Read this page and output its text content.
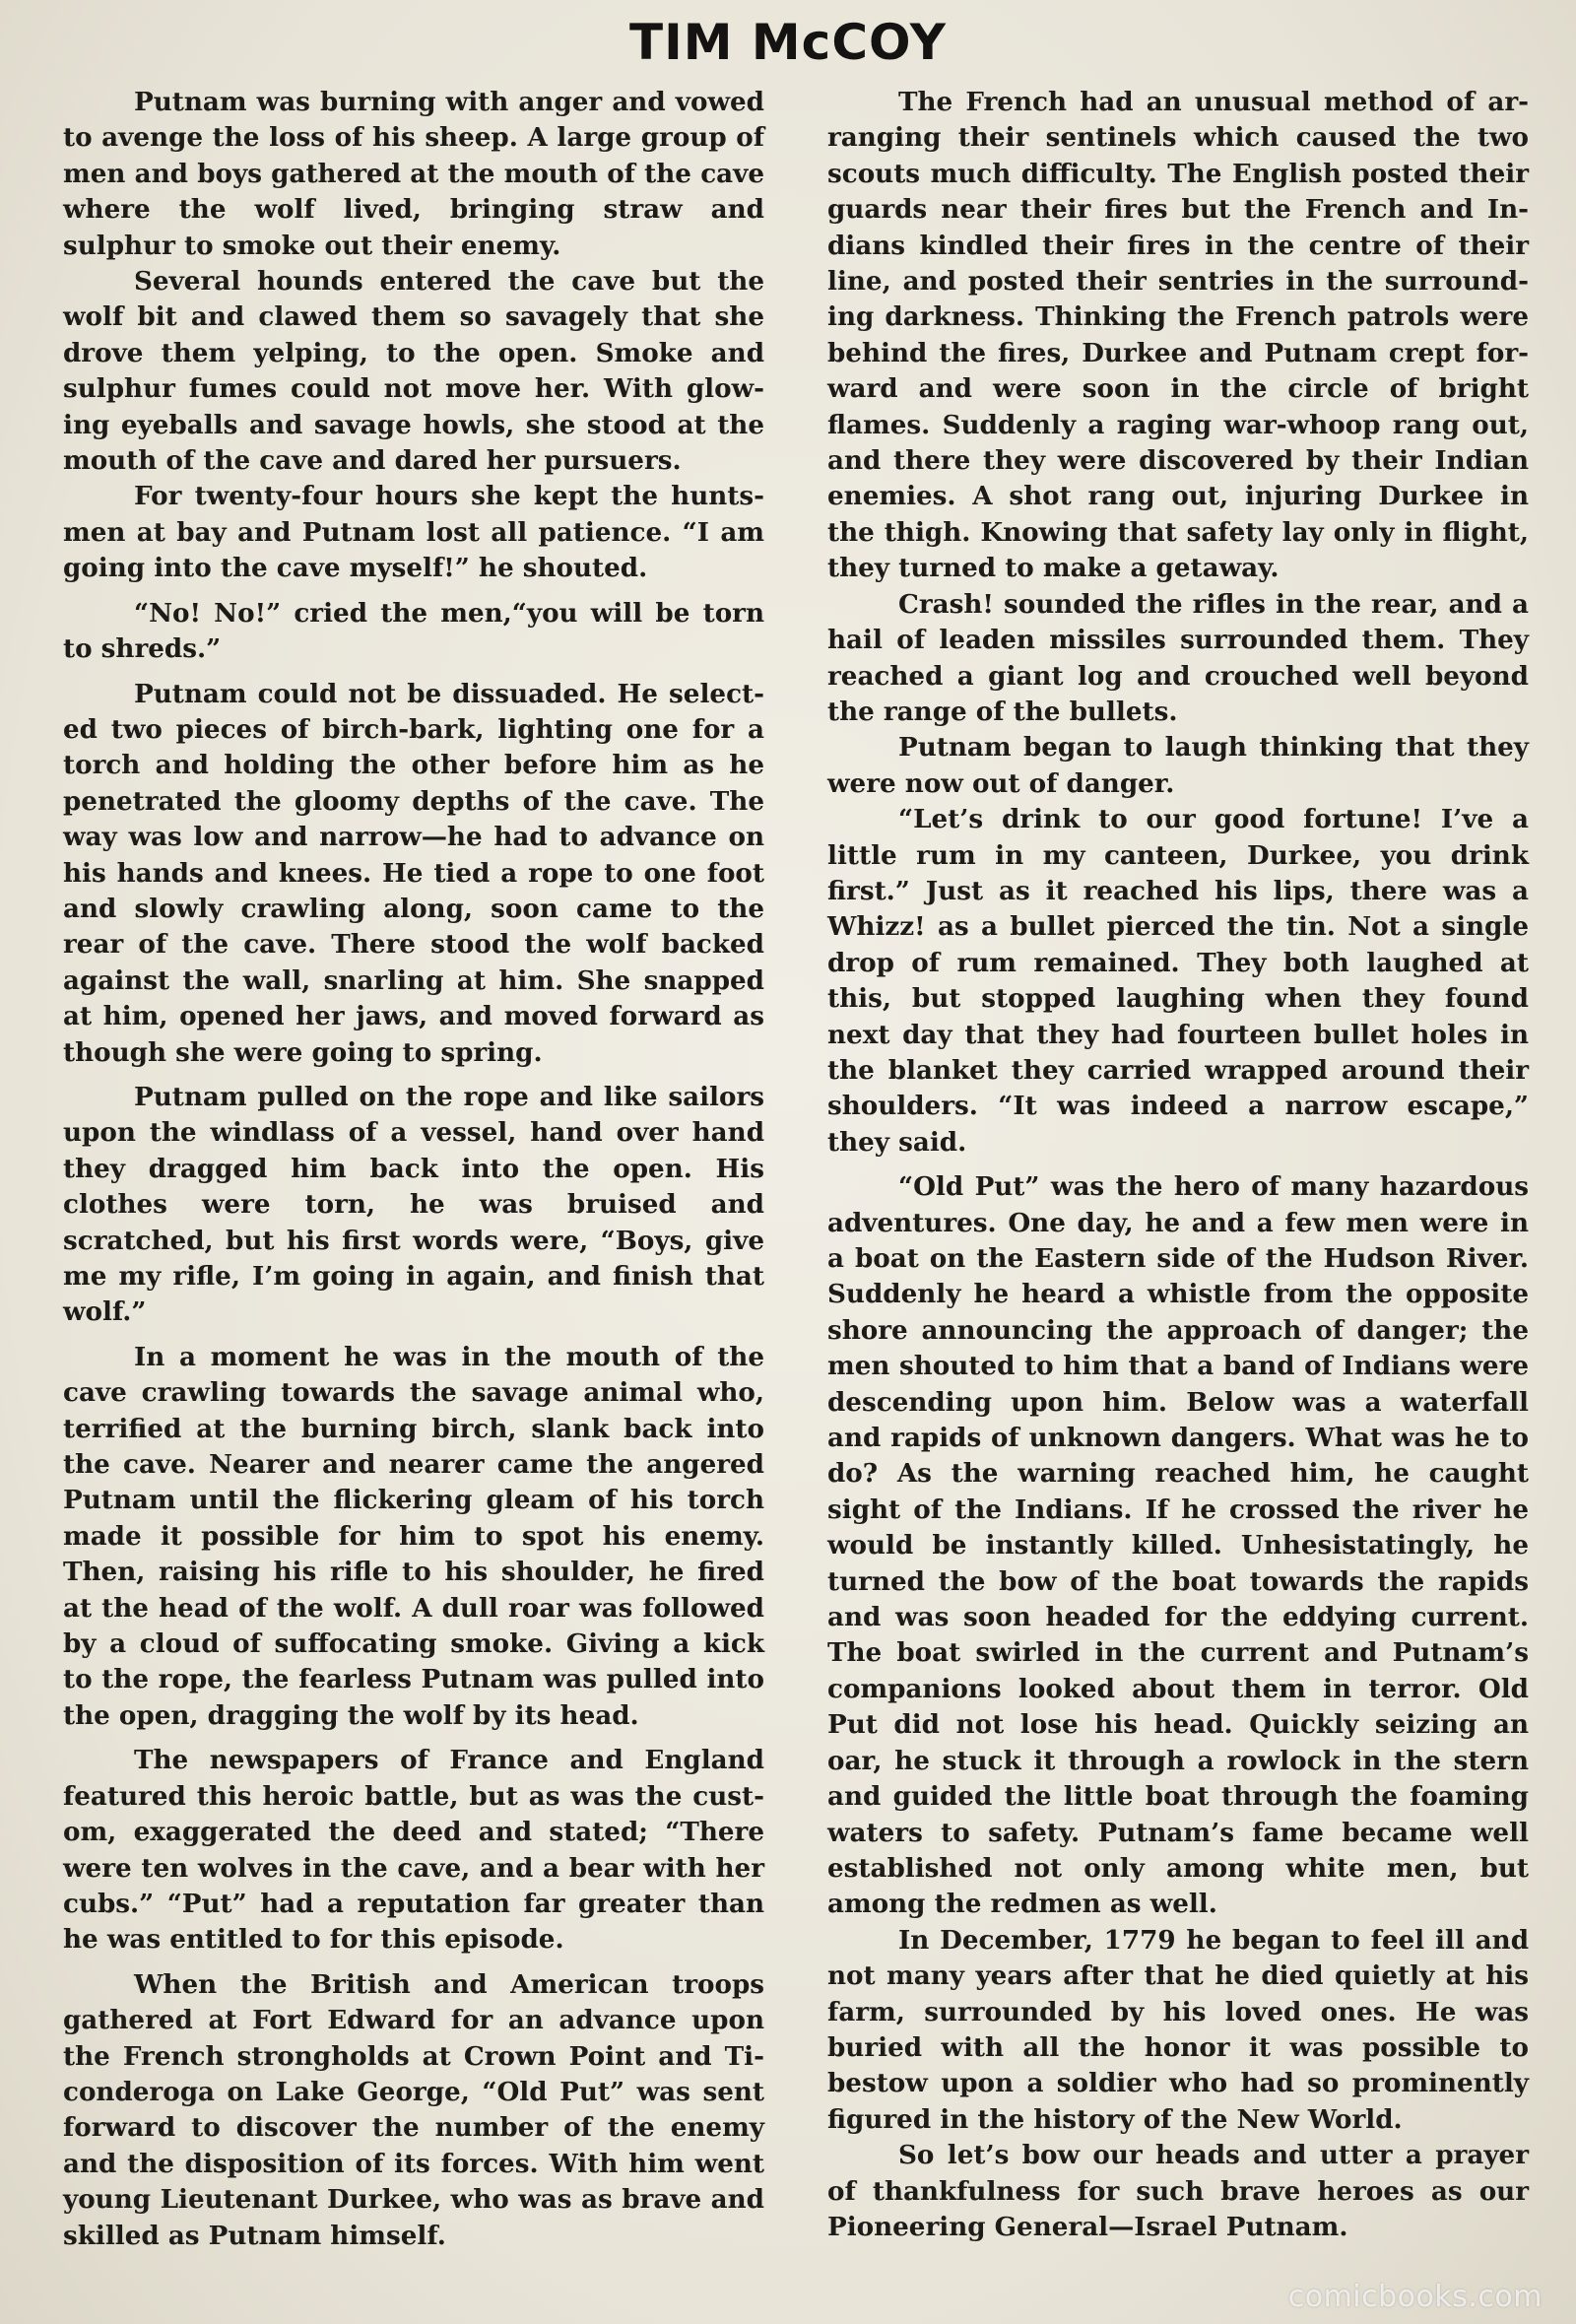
TIM McCOY

Putnam was burning with anger and vowed to avenge the loss of his sheep. A large group of men and boys gathered at the mouth of the cave where the wolf lived, bringing straw and sulphur to smoke out their enemy.

Several hounds entered the cave but the wolf bit and clawed them so savagely that she drove them yelping, to the open. Smoke and sulphur fumes could not move her. With glowing eyeballs and savage howls, she stood at the mouth of the cave and dared her pursuers.

For twenty-four hours she kept the huntsmen at bay and Putnam lost all patience. “I am going into the cave myself!” he shouted.

“No! No!” cried the men,“you will be torn to shreds.”

Putnam could not be dissuaded. He selected two pieces of birch-bark, lighting one for a torch and holding the other before him as he penetrated the gloomy depths of the cave. The way was low and narrow—he had to advance on his hands and knees. He tied a rope to one foot and slowly crawling along, soon came to the rear of the cave. There stood the wolf backed against the wall, snarling at him. She snapped at him, opened her jaws, and moved forward as though she were going to spring.

Putnam pulled on the rope and like sailors upon the windlass of a vessel, hand over hand they dragged him back into the open. His clothes were torn, he was bruised and scratched, but his first words were, “Boys, give me my rifle, I’m going in again, and finish that wolf.”

In a moment he was in the mouth of the cave crawling towards the savage animal who, terrified at the burning birch, slank back into the cave. Nearer and nearer came the angered Putnam until the flickering gleam of his torch made it possible for him to spot his enemy. Then, raising his rifle to his shoulder, he fired at the head of the wolf. A dull roar was followed by a cloud of suffocating smoke. Giving a kick to the rope, the fearless Putnam was pulled into the open, dragging the wolf by its head.

The newspapers of France and England featured this heroic battle, but as was the custom, exaggerated the deed and stated; “There were ten wolves in the cave, and a bear with her cubs.” “Put” had a reputation far greater than he was entitled to for this episode.

When the British and American troops gathered at Fort Edward for an advance upon the French strongholds at Crown Point and Ticonderoga on Lake George, “Old Put” was sent forward to discover the number of the enemy and the disposition of its forces. With him went young Lieutenant Durkee, who was as brave and skilled as Putnam himself.

The French had an unusual method of arranging their sentinels which caused the two scouts much difficulty. The English posted their guards near their fires but the French and Indians kindled their fires in the centre of their line, and posted their sentries in the surrounding darkness. Thinking the French patrols were behind the fires, Durkee and Putnam crept forward and were soon in the circle of bright flames. Suddenly a raging war-whoop rang out, and there they were discovered by their Indian enemies. A shot rang out, injuring Durkee in the thigh. Knowing that safety lay only in flight, they turned to make a getaway.

Crash! sounded the rifles in the rear, and a hail of leaden missiles surrounded them. They reached a giant log and crouched well beyond the range of the bullets.

Putnam began to laugh thinking that they were now out of danger.

“Let’s drink to our good fortune! I’ve a little rum in my canteen, Durkee, you drink first.” Just as it reached his lips, there was a Whizz! as a bullet pierced the tin. Not a single drop of rum remained. They both laughed at this, but stopped laughing when they found next day that they had fourteen bullet holes in the blanket they carried wrapped around their shoulders. “It was indeed a narrow escape,” they said.

“Old Put” was the hero of many hazardous adventures. One day, he and a few men were in a boat on the Eastern side of the Hudson River. Suddenly he heard a whistle from the opposite shore announcing the approach of danger; the men shouted to him that a band of Indians were descending upon him. Below was a waterfall and rapids of unknown dangers. What was he to do? As the warning reached him, he caught sight of the Indians. If he crossed the river he would be instantly killed. Unhesistatingly, he turned the bow of the boat towards the rapids and was soon headed for the eddying current. The boat swirled in the current and Putnam’s companions looked about them in terror. Old Put did not lose his head. Quickly seizing an oar, he stuck it through a rowlock in the stern and guided the little boat through the foaming waters to safety. Putnam’s fame became well established not only among white men, but among the redmen as well.

In December, 1779 he began to feel ill and not many years after that he died quietly at his farm, surrounded by his loved ones. He was buried with all the honor it was possible to bestow upon a soldier who had so prominently figured in the history of the New World.

So let’s bow our heads and utter a prayer of thankfulness for such brave heroes as our Pioneering General—Israel Putnam.

comicbooks.com
